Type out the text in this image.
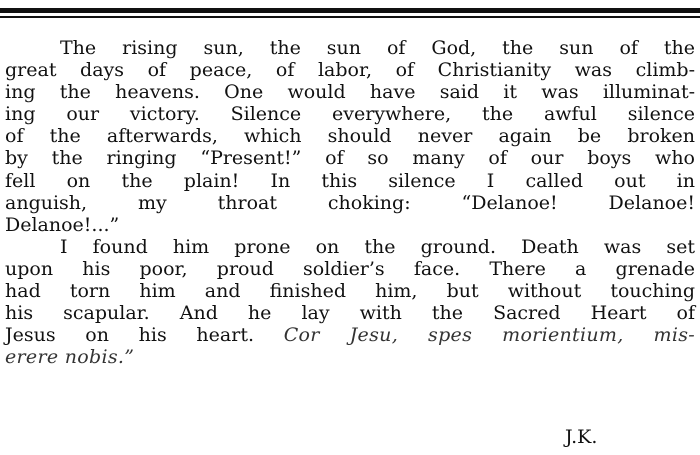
The rising sun, the sun of God, the sun of the
great days of peace, of labor, of Christianity was climb-
ing the heavens. One would have said it was illuminat-
ing our victory. Silence everywhere, the awful silence
of the afterwards, which should never again be broken
by the ringing “Present!” of so many of our boys who
fell on the plain! In this silence I called out in
anguish, my throat choking: “Delanoe! Delanoe!
Delanoe!...”
I found him prone on the ground. Death was set
upon his poor, proud soldier’s face. There a grenade
had torn him and finished him, but without touching
his scapular. And he lay with the Sacred Heart of
Jesus on his heart. Cor Jesu, spes morientium, mis-
erere nobis.”
J.K.
